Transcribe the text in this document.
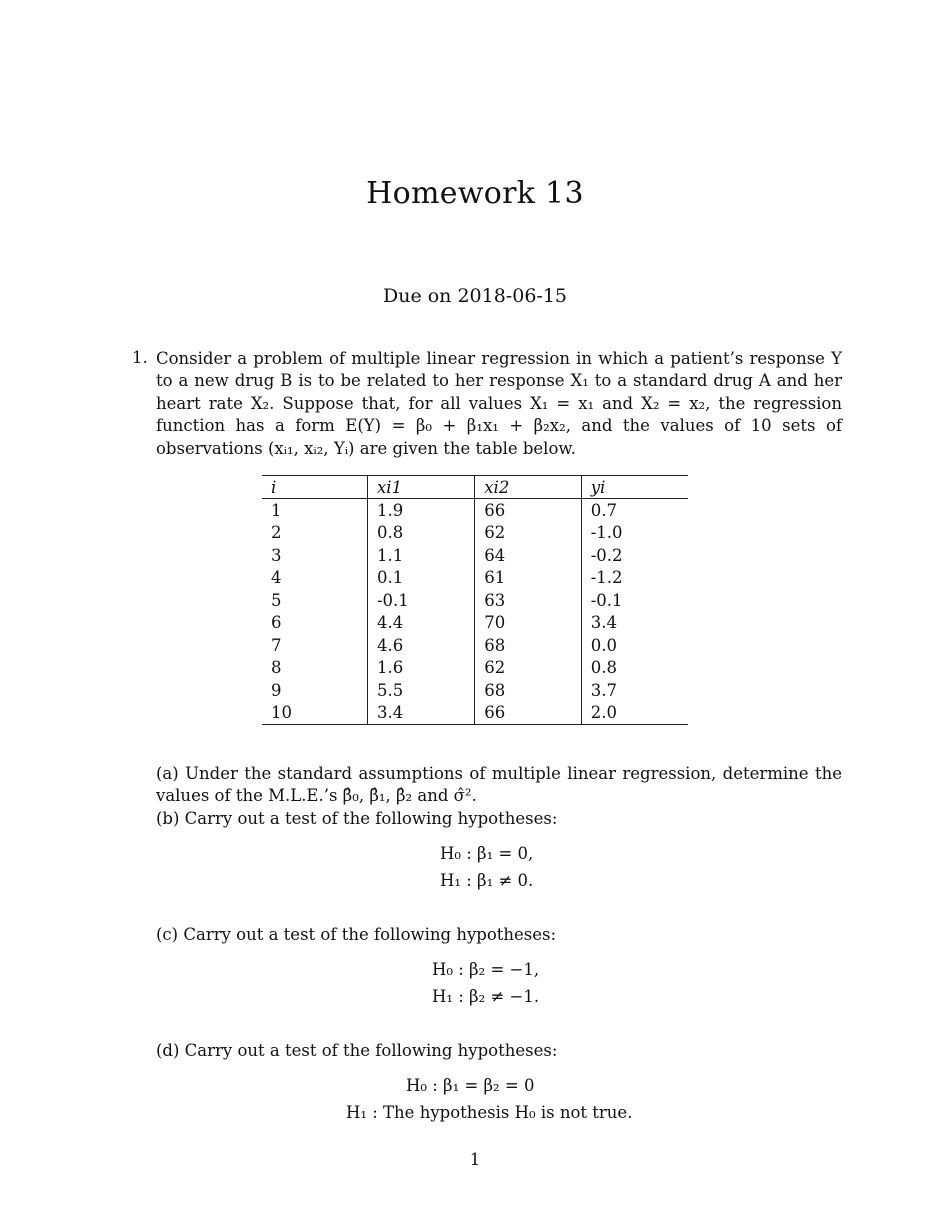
Homework 13
Due on 2018-06-15
1. Consider a problem of multiple linear regression in which a patient’s response Y to a new drug B is to be related to her response X₁ to a standard drug A and her heart rate X₂. Suppose that, for all values X₁ = x₁ and X₂ = x₂, the regression function has a form E(Y) = β₀ + β₁x₁ + β₂x₂, and the values of 10 sets of observations (xᵢ₁, xᵢ₂, Yᵢ) are given the table below.
i	xi1	xi2	yi
1	1.9	66	0.7
2	0.8	62	-1.0
3	1.1	64	-0.2
4	0.1	61	-1.2
5	-0.1	63	-0.1
6	4.4	70	3.4
7	4.6	68	0.0
8	1.6	62	0.8
9	5.5	68	3.7
10	3.4	66	2.0
(a) Under the standard assumptions of multiple linear regression, determine the values of the M.L.E.’s β̂₀, β̂₁, β̂₂ and σ̂².
(b) Carry out a test of the following hypotheses:
H₀ : β₁ = 0,
H₁ : β₁ ≠ 0.
(c) Carry out a test of the following hypotheses:
H₀ : β₂ = −1,
H₁ : β₂ ≠ −1.
(d) Carry out a test of the following hypotheses:
H₀ : β₁ = β₂ = 0
H₁ : The hypothesis H₀ is not true.
1
